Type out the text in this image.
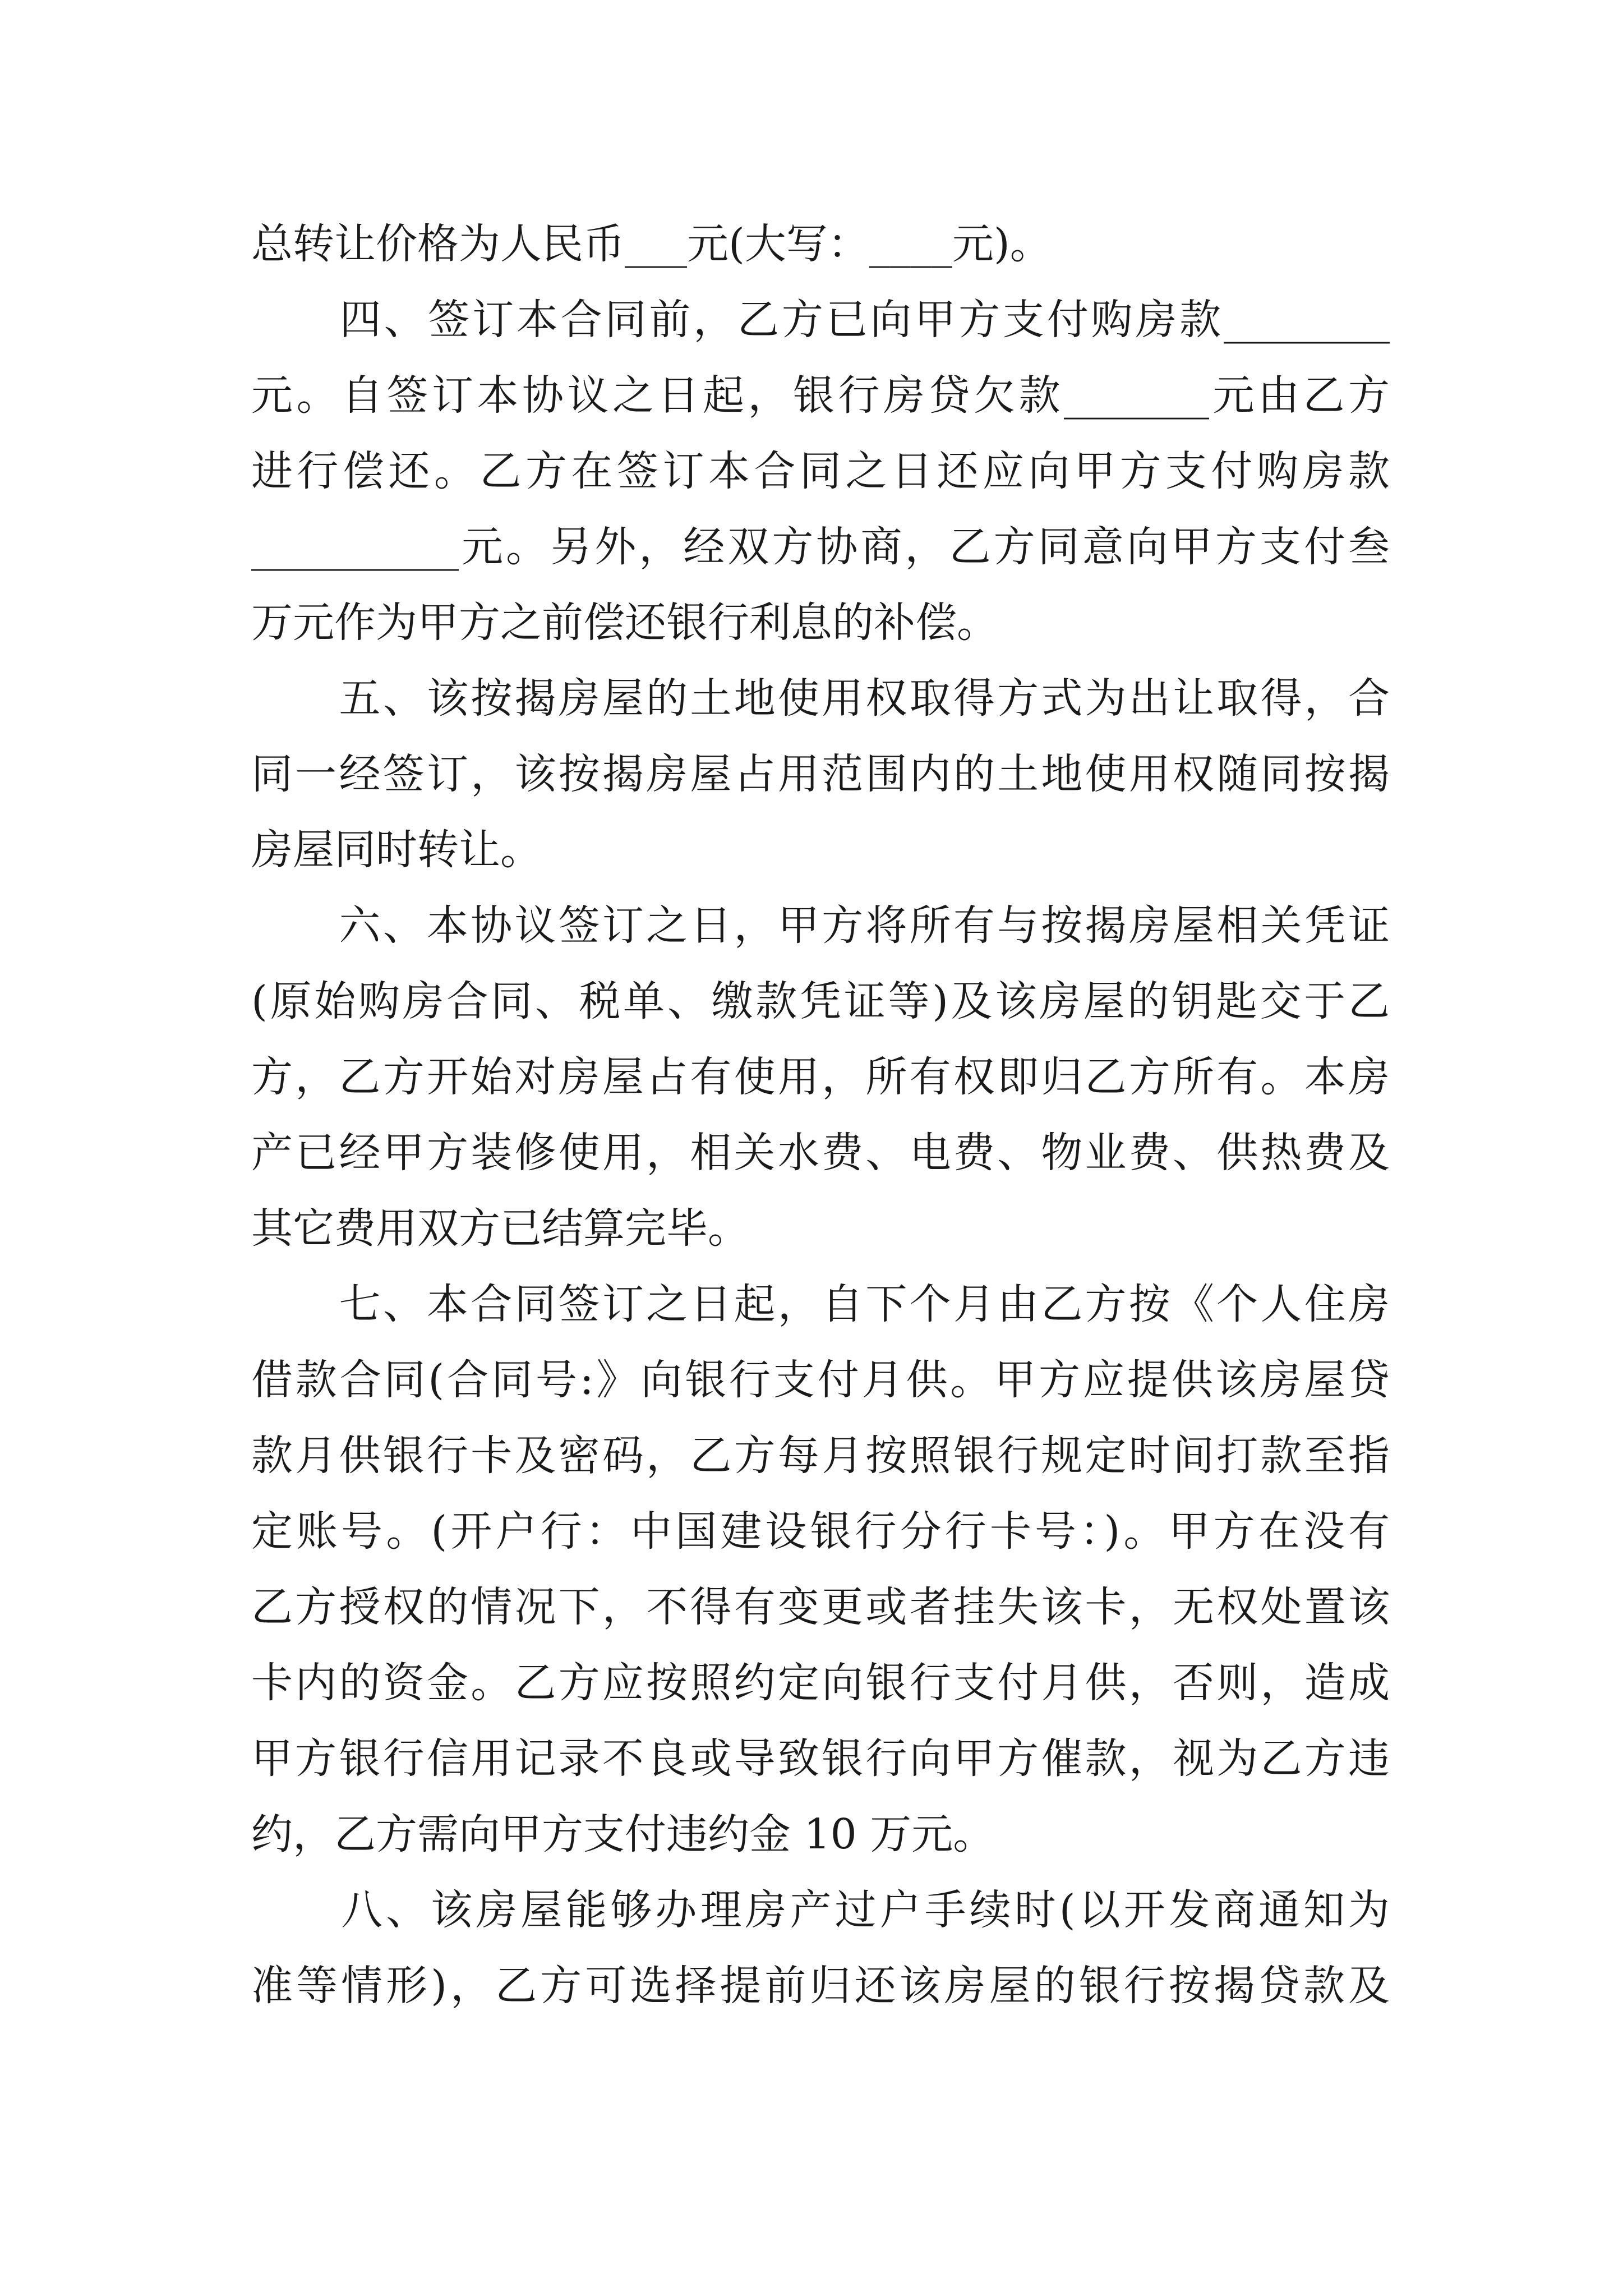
总转让价格为人民币___元(大写：____元)。
　　四、签订本合同前，乙方已向甲方支付购房款________
元。自签订本协议之日起，银行房贷欠款_______元由乙方
进行偿还。乙方在签订本合同之日还应向甲方支付购房款
__________元。另外，经双方协商，乙方同意向甲方支付叁
万元作为甲方之前偿还银行利息的补偿。
　　五、该按揭房屋的土地使用权取得方式为出让取得，合
同一经签订，该按揭房屋占用范围内的土地使用权随同按揭
房屋同时转让。
　　六、本协议签订之日，甲方将所有与按揭房屋相关凭证
(原始购房合同、税单、缴款凭证等)及该房屋的钥匙交于乙
方，乙方开始对房屋占有使用，所有权即归乙方所有。本房
产已经甲方装修使用，相关水费、电费、物业费、供热费及
其它费用双方已结算完毕。
　　七、本合同签订之日起，自下个月由乙方按《个人住房
借款合同(合同号:》向银行支付月供。甲方应提供该房屋贷
款月供银行卡及密码，乙方每月按照银行规定时间打款至指
定账号。(开户行：中国建设银行分行卡号：)。甲方在没有
乙方授权的情况下，不得有变更或者挂失该卡，无权处置该
卡内的资金。乙方应按照约定向银行支付月供，否则，造成
甲方银行信用记录不良或导致银行向甲方催款，视为乙方违
约，乙方需向甲方支付违约金 10 万元。
　　八、该房屋能够办理房产过户手续时(以开发商通知为
准等情形)，乙方可选择提前归还该房屋的银行按揭贷款及
